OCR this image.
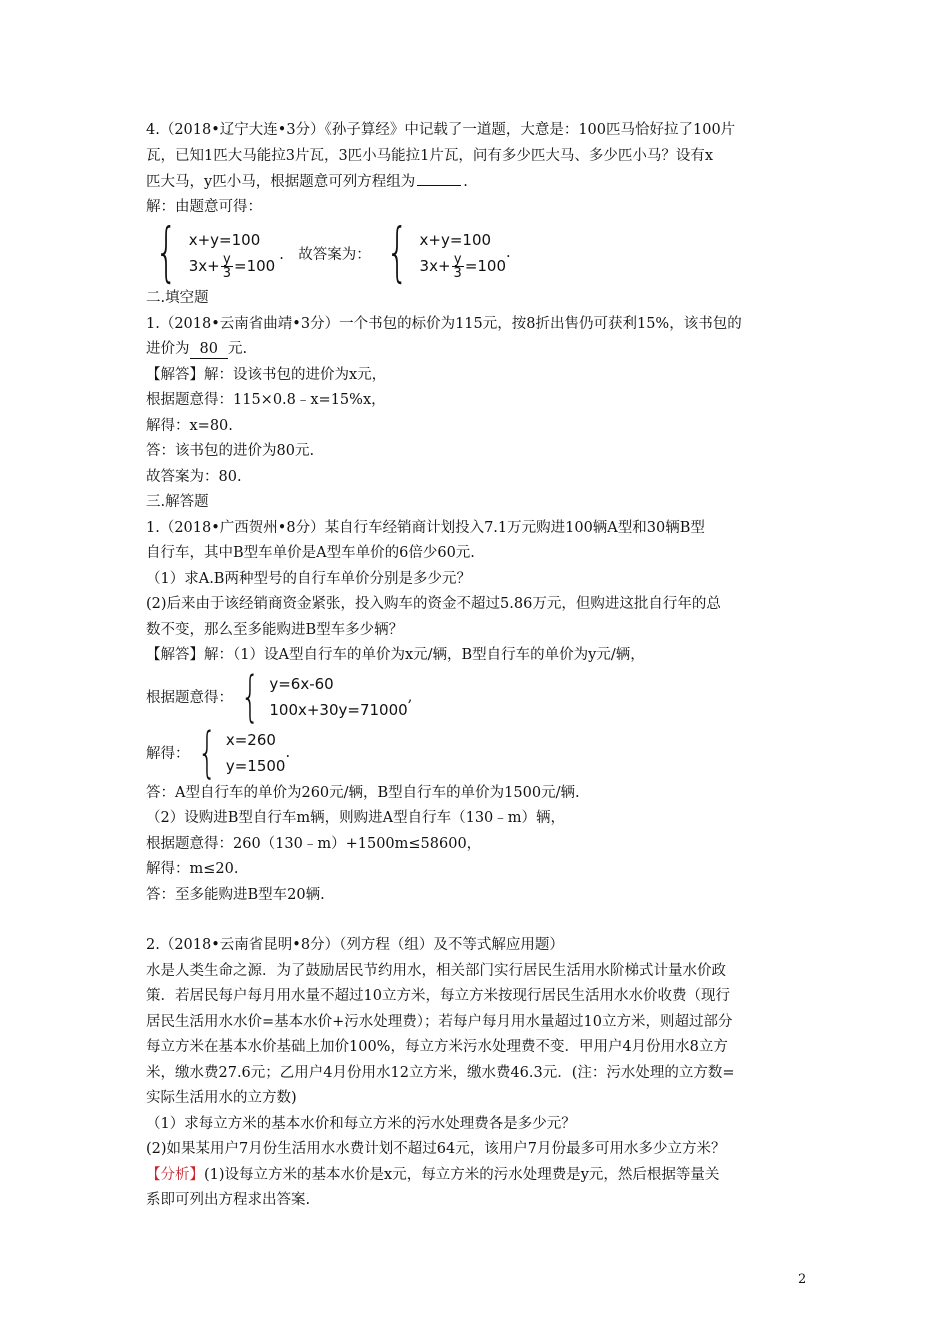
4.（2018•辽宁大连•3分）《孙子算经》中记载了一道题，大意是：100匹马恰好拉了100片
瓦，已知1匹大马能拉3片瓦，3匹小马能拉1片瓦，问有多少匹大马、多少匹小马？设有x
匹大马，y匹小马，根据题意可列方程组为	.
解：由题意可得：
{ x+y=100
$3x+ \frac{y}{3} =100$
.　故答案为： { x+y=100
$3x+ \frac{y}{3} =100$
.
二.填空题
1.（2018•云南省曲靖•3分）一个书包的标价为115元，按8折出售仍可获利15%，该书包的
进价为 80 元.
【解答】解：设该书包的进价为x元，
根据题意得：115×0.8﹣x=15%x，
解得：x=80.
答：该书包的进价为80元.
故答案为：80.
三.解答题
1.（2018•广西贺州•8分）某自行车经销商计划投入7.1万元购进100辆A型和30辆B型
自行车，其中B型车单价是A型车单价的6倍少60元.
（1）求A.B两种型号的自行车单价分别是多少元？
(2)后来由于该经销商资金紧张，投入购车的资金不超过5.86万元，但购进这批自行年的总
数不变，那么至多能购进B型车多少辆？
【解答】解：（1）设A型自行车的单价为x元/辆，B型自行车的单价为y元/辆，
根据题意得： { y=6x-60
100x+30y=71000
,
解得： { x=260
y=1500
.
答：A型自行车的单价为260元/辆，B型自行车的单价为1500元/辆.
（2）设购进B型自行车m辆，则购进A型自行车（130﹣m）辆，
根据题意得：260（130﹣m）+1500m≤58600，
解得：m≤20.
答：至多能购进B型车20辆.
2.（2018•云南省昆明•8分）（列方程（组）及不等式解应用题）
水是人类生命之源．为了鼓励居民节约用水，相关部门实行居民生活用水阶梯式计量水价政
策．若居民每户每月用水量不超过10立方米，每立方米按现行居民生活用水水价收费（现行
居民生活用水水价=基本水价+污水处理费）；若每户每月用水量超过10立方米，则超过部分
每立方米在基本水价基础上加价100%，每立方米污水处理费不变．甲用户4月份用水8立方
米，缴水费27.6元；乙用户4月份用水12立方米，缴水费46.3元．(注：污水处理的立方数=
实际生活用水的立方数)
（1）求每立方米的基本水价和每立方米的污水处理费各是多少元？
(2)如果某用户7月份生活用水水费计划不超过64元，该用户7月份最多可用水多少立方米？
【分析】(1)设每立方米的基本水价是x元，每立方米的污水处理费是y元，然后根据等量关
系即可列出方程求出答案.
2
